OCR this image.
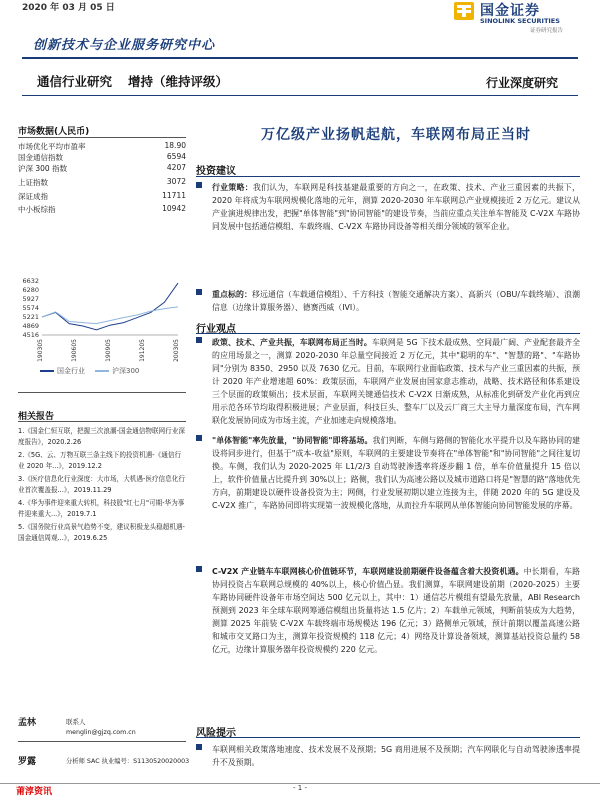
2020 年 03 月 05 日	国金证券
SINOLINK SECURITIES
证券研究报告
创新技术与企业服务研究中心
通信行业研究 增持（维持评级）	行业深度研究
市场数据(人民币)
市场优化平均市盈率	18.90
国金通信指数	6594
沪深 300 指数	4207
上证指数	3072
深证成指	11711
中小板综指	10942
4516
4869
5221
5574
5927
6280
6632
190305	190605	190905	191205	200305
国金行业	沪深300
相关报告
1.《国金仁恒互联，把握三次浪潮-国金通信物联网行业深度报告》，2020.2.26
2.《5G、云、万物互联三条主线下的投资机遇-《通信行业 2020 年...》，2019.12.2
3.《医疗信息化行业深度：大市场，大机遇-医疗信息化行业首次覆盖报...》，2019.11.29
4.《华为事件迎来重大转机，科技股"红七月"可期-华为事件迎来重大...》，2019.7.1
5.《国务院行业高景气趋势不变，建议积极龙头稳超机遇-国金通信周观...》，2019.6.25
孟林	联系人
menglin@gjzq.com.cn
罗露	分析师 SAC 执业编号：S1130520020003
万亿级产业扬帆起航，车联网布局正当时
投资建议
行业策略：我们认为，车联网是科技基建最重要的方向之一，在政策、技术、产业三重因素的共振下，2020 年将成为车联网规模化落地的元年，测算 2020-2030 年车联网总产业规模接近 2 万亿元。建议从产业演进规律出发，把握"单体智能"到"协同智能"的建设节奏，当前应重点关注单车智能及 C-V2X 车路协同发展中包括通信模组、车载终端、C-V2X 车路协同设备等相关细分领域的领军企业。
重点标的：移远通信（车载通信模组）、千方科技（智能交通解决方案）、高新兴（OBU/车载终端）、浪潮信息（边缘计算服务器）、德赛西威（IVI）。
行业观点
政策、技术、产业共振，车联网布局正当时。车联网是 5G 下技术最成熟、空间最广阔、产业配套最齐全的应用场景之一，测算 2020-2030 年总量空间接近 2 万亿元，其中"聪明的车"、"智慧的路"、"车路协同"分别为 8350、2950 以及 7630 亿元。目前，车联网行业面临政策、技术与产业三重因素的共振，预计 2020 年产业增速超 60%：政策层面，车联网产业发展由国家意志推动，战略、技术路径和体系建设三个层面的政策频出；技术层面，车联网关键通信技术 C-V2X 日渐成熟，从标准化到研发产业化再到应用示范各环节均取得积极进展；产业层面，科技巨头、整车厂以及云厂商三大主导力量深度布局，汽车网联化发展协同成为市场主流，产业加速走向规模落地。
"单体智能"率先放量，"协同智能"即将基场。我们判断，车侧与路侧的智能化水平提升以及车路协同的建设将同步进行，但基于"成本-收益"原则，车联网的主要建设节奏将在"单体智能"和"协同智能"之间往复切换。车侧，我们认为 2020-2025 年 L1/2/3 自动驾驶渗透率将逐步翻 1 倍，单车价值量提升 15 倍以上，软件价值量占比提升到 30%以上；路侧，我们认为高速公路以及城市道路口将是"智慧的路"落地优先方向，前期建设以硬件设备投资为主；网侧，行业发展初期以建立连接为主，伴随 2020 年的 5G 建设及 C-V2X 推广，车路协同即将实现第一波规模化落地，从而拉升车联网从单体智能向协同智能发展的序幕。
C-V2X 产业链车车联网核心价值链环节，车联网建设前期硬件设备蕴含着大投资机遇。中长期看，车路协同投资占车联网总规模的 40%以上，核心价值凸显。我们测算，车联网建设前期（2020-2025）主要车路协同硬件设备年市场空间达 500 亿元以上，其中：1）通信芯片模组有望最先放量，ABI Research 预测到 2023 年全球车联网筹通信模组出货量将达 1.5 亿片；2）车载单元领域，判断前装成为大趋势，测算 2025 年前装 C-V2X 车载终端市场规模达 196 亿元；3）路侧单元领域，预计前期以覆盖高速公路和城市交叉路口为主，测算年投资规模约 118 亿元；4）网络及计算设备领域，测算基站投资总量约 58 亿元，边缘计算服务器年投资规模约 220 亿元。
风险提示
车联网相关政策落地速度、技术发展不及预期；5G 商用进展不及预期；汽车网联化与自动驾驶渗透率提升不及预期。
莆淳资讯	- 1 -
